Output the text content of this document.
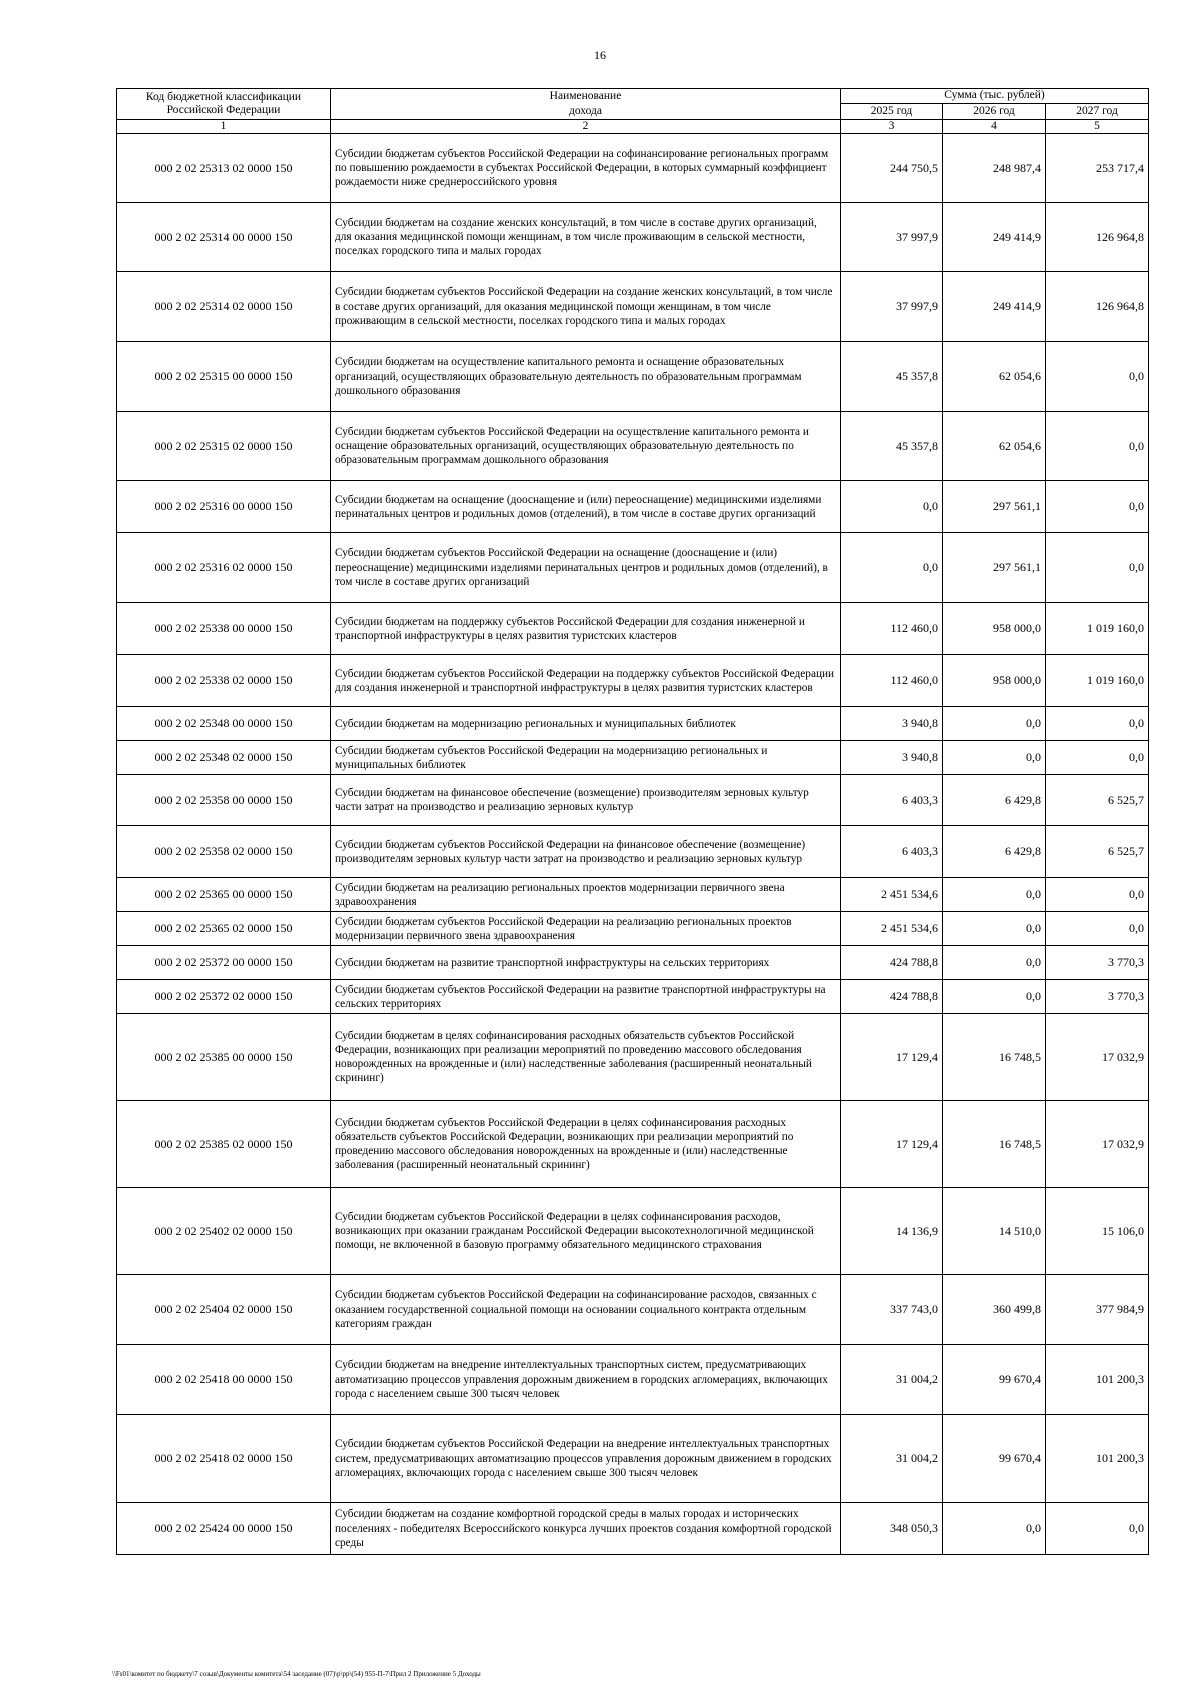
16
Код бюджетной классификации Российской Федерации	Наименование	Сумма (тыс. рублей)		
	дохода	2025 год	2026 год	2027 год
1	2	3	4	5
000 2 02 25313 02 0000 150	Субсидии бюджетам субъектов Российской Федерации на софинансирование региональных программ по повышению рождаемости в субъектах Российской Федерации, в которых суммарный коэффициент рождаемости ниже среднероссийского уровня	244 750,5	248 987,4	253 717,4
000 2 02 25314 00 0000 150	Субсидии бюджетам на создание женских консультаций, в том числе в составе других организаций, для оказания медицинской помощи женщинам, в том числе проживающим в сельской местности, поселках городского типа и малых городах	37 997,9	249 414,9	126 964,8
000 2 02 25314 02 0000 150	Субсидии бюджетам субъектов Российской Федерации на создание женских консультаций, в том числе в составе других организаций, для оказания медицинской помощи женщинам, в том числе проживающим в сельской местности, поселках городского типа и малых городах	37 997,9	249 414,9	126 964,8
000 2 02 25315 00 0000 150	Субсидии бюджетам на осуществление капитального ремонта и оснащение образовательных организаций, осуществляющих образовательную деятельность по образовательным программам дошкольного образования	45 357,8	62 054,6	0,0
000 2 02 25315 02 0000 150	Субсидии бюджетам субъектов Российской Федерации на осуществление капитального ремонта и оснащение образовательных организаций, осуществляющих образовательную деятельность по образовательным программам дошкольного образования	45 357,8	62 054,6	0,0
000 2 02 25316 00 0000 150	Субсидии бюджетам на оснащение (дооснащение и (или) переоснащение) медицинскими изделиями перинатальных центров и родильных домов (отделений), в том числе в составе других организаций	0,0	297 561,1	0,0
000 2 02 25316 02 0000 150	Субсидии бюджетам субъектов Российской Федерации на оснащение (дооснащение и (или) переоснащение) медицинскими изделиями перинатальных центров и родильных домов (отделений), в том числе в составе других организаций	0,0	297 561,1	0,0
000 2 02 25338 00 0000 150	Субсидии бюджетам на поддержку субъектов Российской Федерации для создания инженерной и транспортной инфраструктуры в целях развития туристских кластеров	112 460,0	958 000,0	1 019 160,0
000 2 02 25338 02 0000 150	Субсидии бюджетам субъектов Российской Федерации на поддержку субъектов Российской Федерации для создания инженерной и транспортной инфраструктуры в целях развития туристских кластеров	112 460,0	958 000,0	1 019 160,0
000 2 02 25348 00 0000 150	Субсидии бюджетам на модернизацию региональных и муниципальных библиотек	3 940,8	0,0	0,0
000 2 02 25348 02 0000 150	Субсидии бюджетам субъектов Российской Федерации на модернизацию региональных и муниципальных библиотек	3 940,8	0,0	0,0
000 2 02 25358 00 0000 150	Субсидии бюджетам на финансовое обеспечение (возмещение) производителям зерновых культур части затрат на производство и реализацию зерновых культур	6 403,3	6 429,8	6 525,7
000 2 02 25358 02 0000 150	Субсидии бюджетам субъектов Российской Федерации на финансовое обеспечение (возмещение) производителям зерновых культур части затрат на производство и реализацию зерновых культур	6 403,3	6 429,8	6 525,7
000 2 02 25365 00 0000 150	Субсидии бюджетам на реализацию региональных проектов модернизации первичного звена здравоохранения	2 451 534,6	0,0	0,0
000 2 02 25365 02 0000 150	Субсидии бюджетам субъектов Российской Федерации на реализацию региональных проектов модернизации первичного звена здравоохранения	2 451 534,6	0,0	0,0
000 2 02 25372 00 0000 150	Субсидии бюджетам на развитие транспортной инфраструктуры на сельских территориях	424 788,8	0,0	3 770,3
000 2 02 25372 02 0000 150	Субсидии бюджетам субъектов Российской Федерации на развитие транспортной инфраструктуры на сельских территориях	424 788,8	0,0	3 770,3
000 2 02 25385 00 0000 150	Субсидии бюджетам в целях софинансирования расходных обязательств субъектов Российской Федерации, возникающих при реализации мероприятий по проведению массового обследования новорожденных на врожденные и (или) наследственные заболевания (расширенный неонатальный скрининг)	17 129,4	16 748,5	17 032,9
000 2 02 25385 02 0000 150	Субсидии бюджетам субъектов Российской Федерации в целях софинансирования расходных обязательств субъектов Российской Федерации, возникающих при реализации мероприятий по проведению массового обследования новорожденных на врожденные и (или) наследственные заболевания (расширенный неонатальный скрининг)	17 129,4	16 748,5	17 032,9
000 2 02 25402 02 0000 150	Субсидии бюджетам субъектов Российской Федерации в целях софинансирования расходов, возникающих при оказании гражданам Российской Федерации высокотехнологичной медицинской помощи, не включенной в базовую программу обязательного медицинского страхования	14 136,9	14 510,0	15 106,0
000 2 02 25404 02 0000 150	Субсидии бюджетам субъектов Российской Федерации на софинансирование расходов, связанных с оказанием государственной социальной помощи на основании социального контракта отдельным категориям граждан	337 743,0	360 499,8	377 984,9
000 2 02 25418 00 0000 150	Субсидии бюджетам на внедрение интеллектуальных транспортных систем, предусматривающих автоматизацию процессов управления дорожным движением в городских агломерациях, включающих города с населением свыше 300 тысяч человек	31 004,2	99 670,4	101 200,3
000 2 02 25418 02 0000 150	Субсидии бюджетам субъектов Российской Федерации на внедрение интеллектуальных транспортных систем, предусматривающих автоматизацию процессов управления дорожным движением в городских агломерациях, включающих города с населением свыше 300 тысяч человек	31 004,2	99 670,4	101 200,3
000 2 02 25424 00 0000 150	Субсидии бюджетам на создание комфортной городской среды в малых городах и исторических поселениях - победителях Всероссийского конкурса лучших проектов создания комфортной городской среды	348 050,3	0,0	0,0
\\Fs01\комитет по бюджету\7 созыв\Документы комитета\54 заседание (07)\р\рр\(54) 955-П-7\Прил 2 Приложение 5 Доходы
